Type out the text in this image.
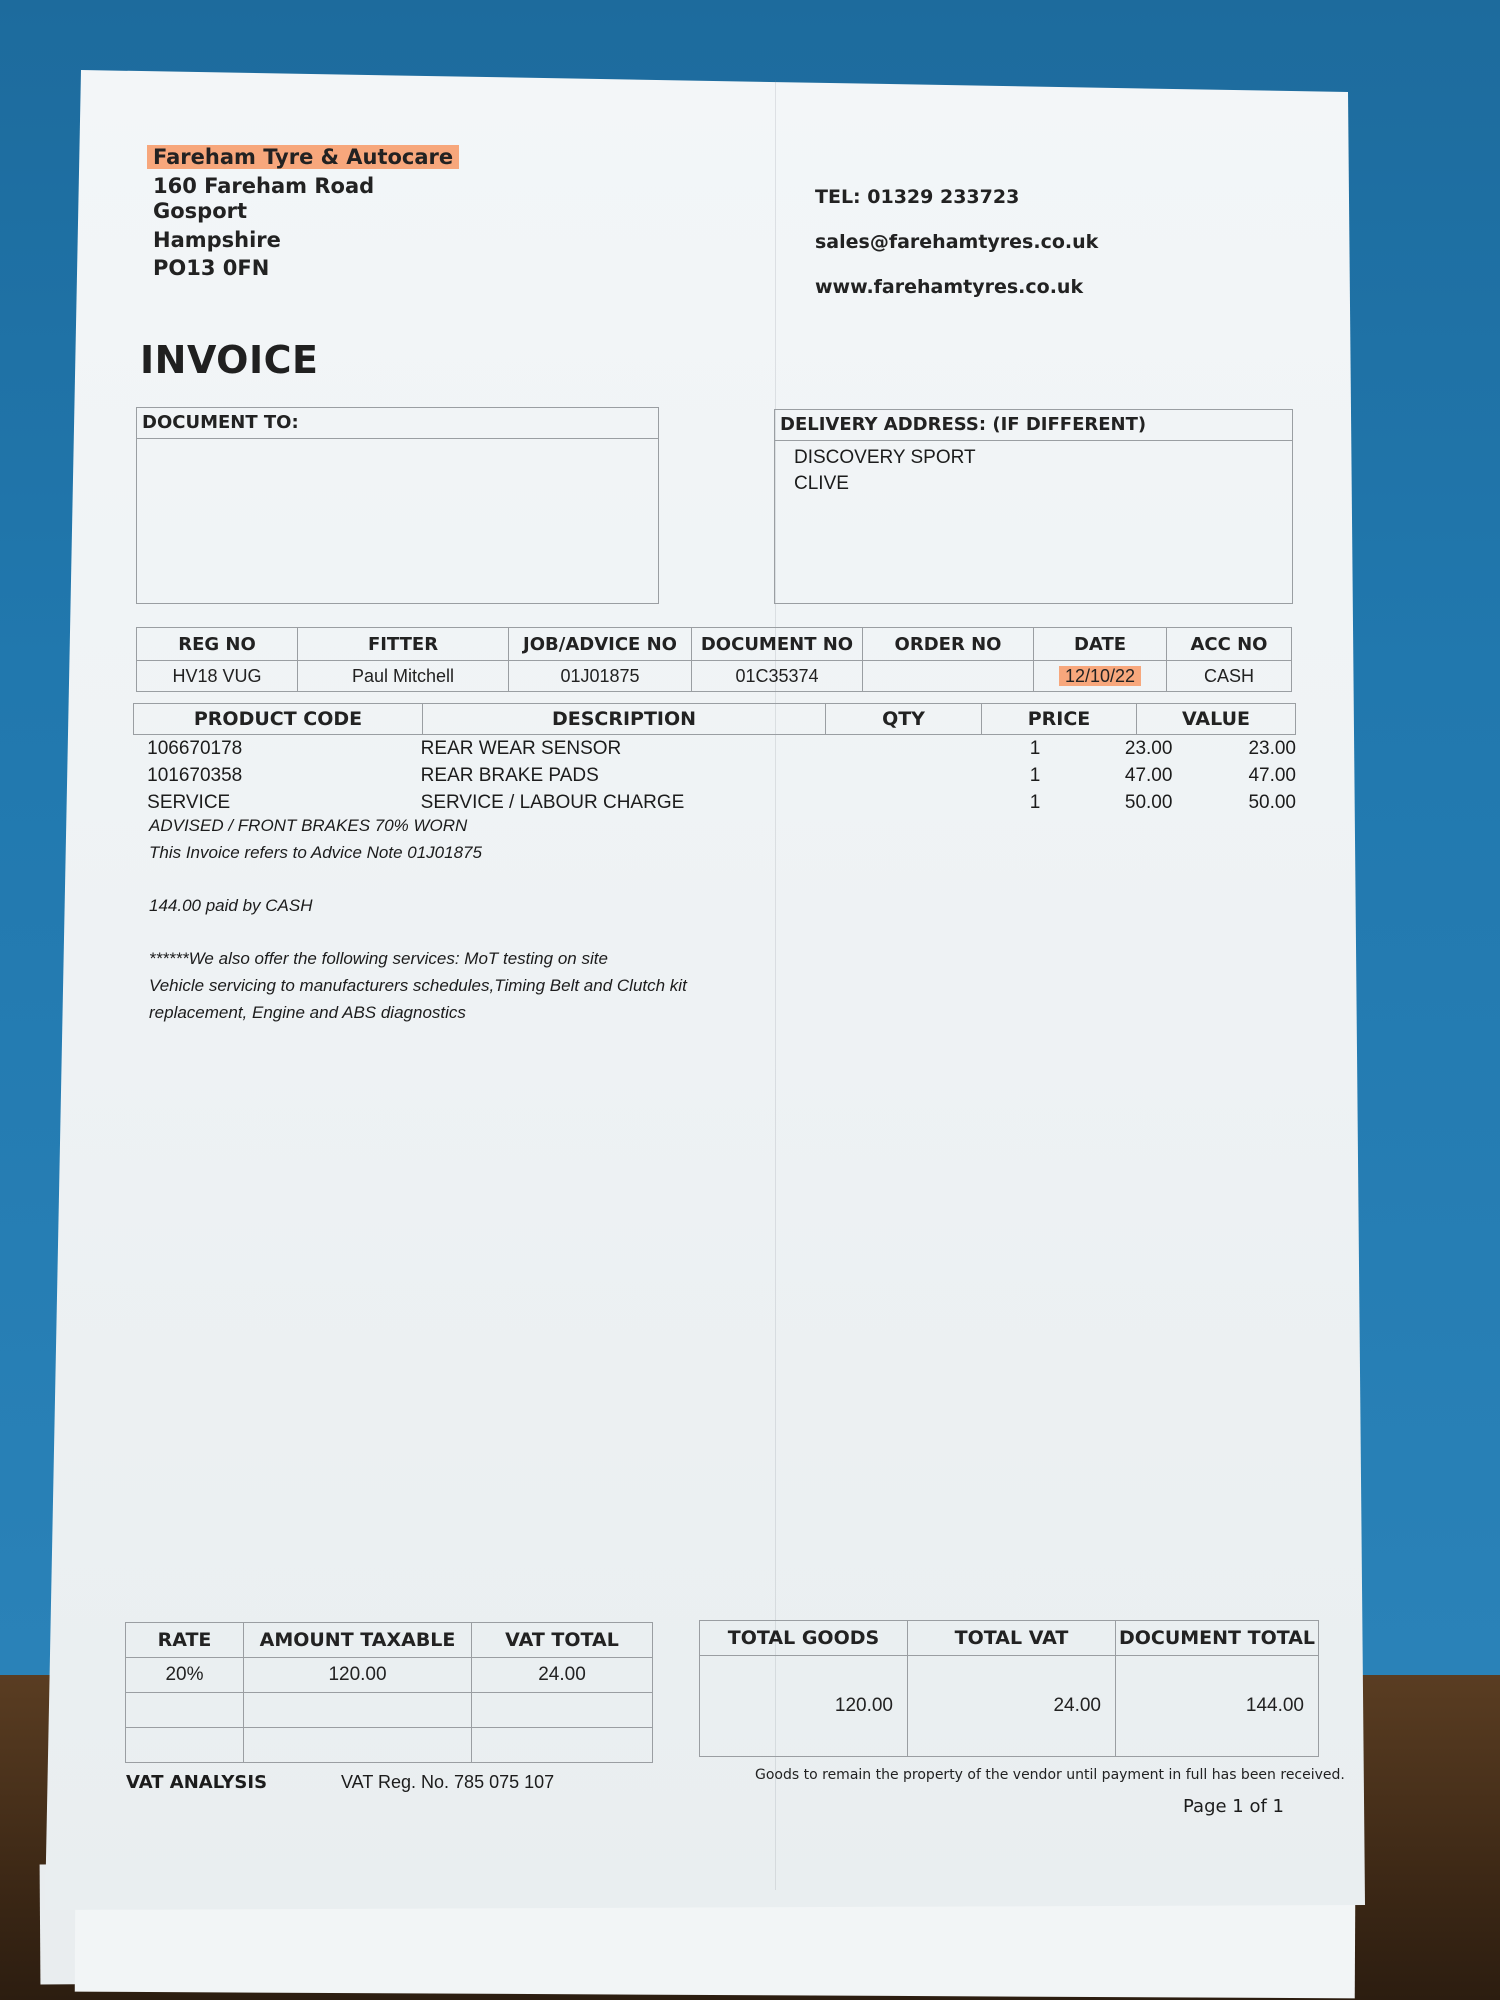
Fareham Tyre & Autocare
160 Fareham Road
Gosport
Hampshire
PO13 0FN
TEL: 01329 233723
sales@farehamtyres.co.uk
www.farehamtyres.co.uk
INVOICE
DOCUMENT TO:	DELIVERY ADDRESS: (IF DIFFERENT)
DISCOVERY SPORT
CLIVE
REG NO	FITTER	JOB/ADVICE NO	DOCUMENT NO	ORDER NO	DATE	ACC NO
HV18 VUG	Paul Mitchell	01J01875	01C35374		12/10/22	CASH
PRODUCT CODE	DESCRIPTION	QTY	PRICE	VALUE
106670178	REAR WEAR SENSOR	1	23.00	23.00
101670358	REAR BRAKE PADS	1	47.00	47.00
SERVICE	SERVICE / LABOUR CHARGE	1	50.00	50.00
ADVISED / FRONT BRAKES 70% WORN
This Invoice refers to Advice Note 01J01875
144.00 paid by CASH
******We also offer the following services: MoT testing on site
Vehicle servicing to manufacturers schedules,Timing Belt and Clutch kit
replacement, Engine and ABS diagnostics
RATE	AMOUNT TAXABLE	VAT TOTAL
20%	120.00	24.00

TOTAL GOODS	TOTAL VAT	DOCUMENT TOTAL
120.00	24.00	144.00
VAT ANALYSIS	VAT Reg. No. 785 075 107	Goods to remain the property of the vendor until payment in full has been received.
Page 1 of 1
